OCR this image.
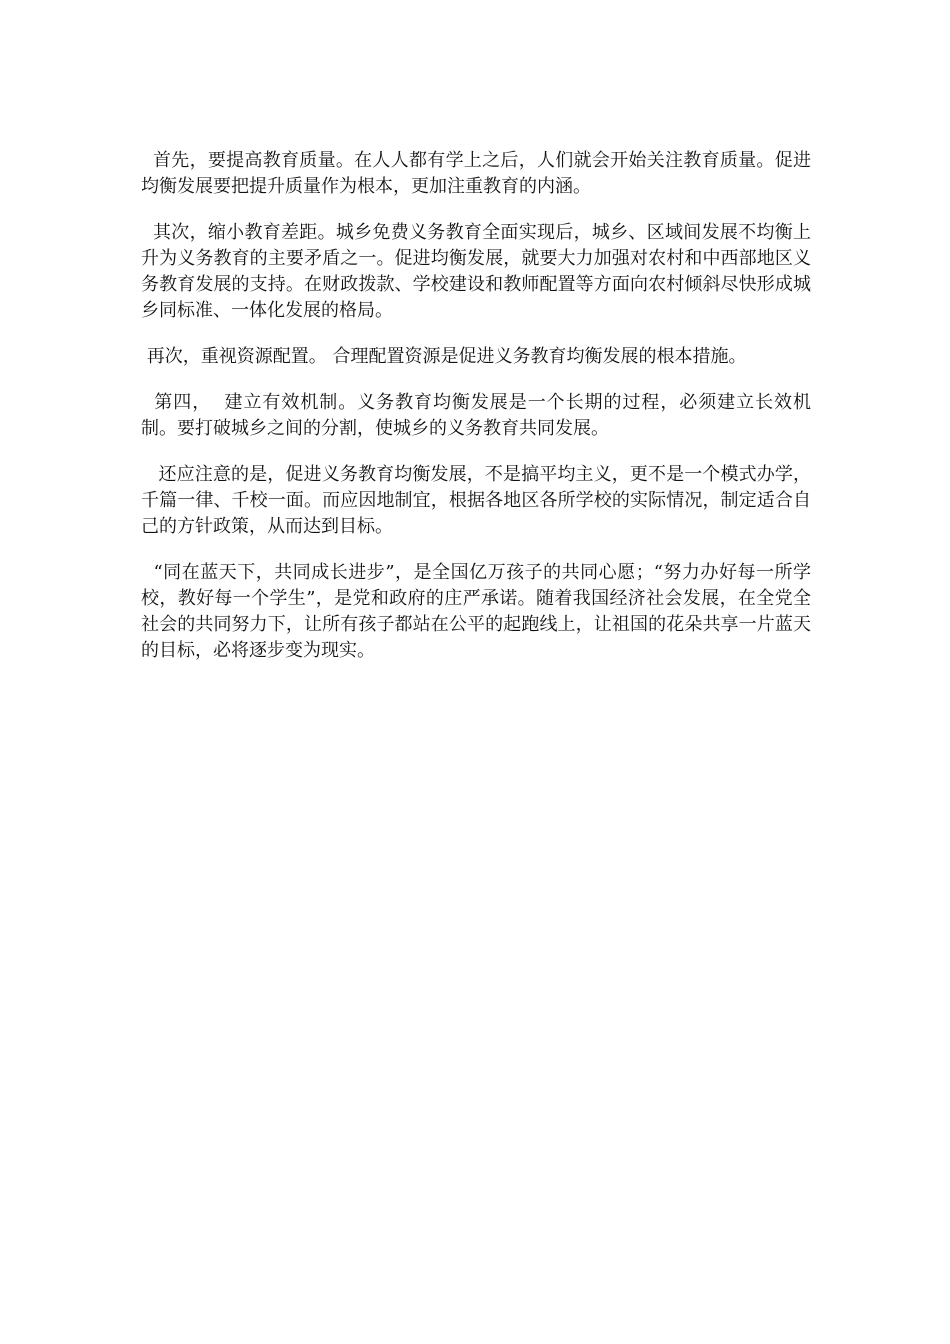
首先，要提高教育质量。在人人都有学上之后，人们就会开始关注教育质量。促进均衡发展要把提升质量作为根本，更加注重教育的内涵。

其次，缩小教育差距。城乡免费义务教育全面实现后，城乡、区域间发展不均衡上升为义务教育的主要矛盾之一。促进均衡发展，就要大力加强对农村和中西部地区义务教育发展的支持。在财政拨款、学校建设和教师配置等方面向农村倾斜尽快形成城乡同标准、一体化发展的格局。

再次，重视资源配置。 合理配置资源是促进义务教育均衡发展的根本措施。

第四，  建立有效机制。义务教育均衡发展是一个长期的过程，必须建立长效机制。要打破城乡之间的分割，使城乡的义务教育共同发展。

还应注意的是，促进义务教育均衡发展，不是搞平均主义，更不是一个模式办学，千篇一律、千校一面。而应因地制宜，根据各地区各所学校的实际情况，制定适合自己的方针政策，从而达到目标。

“同在蓝天下，共同成长进步”，是全国亿万孩子的共同心愿；“努力办好每一所学校，教好每一个学生”，是党和政府的庄严承诺。随着我国经济社会发展，在全党全社会的共同努力下，让所有孩子都站在公平的起跑线上，让祖国的花朵共享一片蓝天的目标，必将逐步变为现实。
